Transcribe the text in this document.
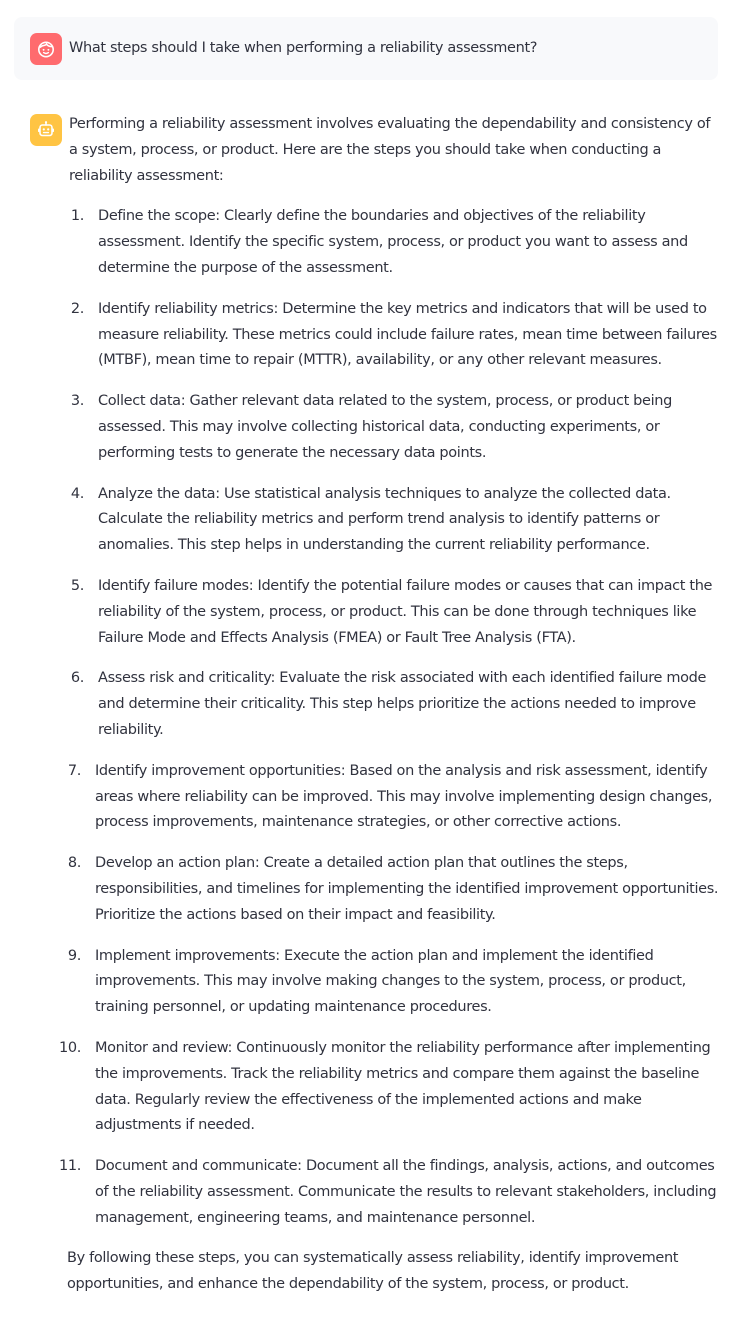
What steps should I take when performing a reliability assessment?

Performing a reliability assessment involves evaluating the dependability and consistency of a system, process, or product. Here are the steps you should take when conducting a reliability assessment:

1. Define the scope: Clearly define the boundaries and objectives of the reliability assessment. Identify the specific system, process, or product you want to assess and determine the purpose of the assessment.
2. Identify reliability metrics: Determine the key metrics and indicators that will be used to measure reliability. These metrics could include failure rates, mean time between failures (MTBF), mean time to repair (MTTR), availability, or any other relevant measures.
3. Collect data: Gather relevant data related to the system, process, or product being assessed. This may involve collecting historical data, conducting experiments, or performing tests to generate the necessary data points.
4. Analyze the data: Use statistical analysis techniques to analyze the collected data. Calculate the reliability metrics and perform trend analysis to identify patterns or anomalies. This step helps in understanding the current reliability performance.
5. Identify failure modes: Identify the potential failure modes or causes that can impact the reliability of the system, process, or product. This can be done through techniques like Failure Mode and Effects Analysis (FMEA) or Fault Tree Analysis (FTA).
6. Assess risk and criticality: Evaluate the risk associated with each identified failure mode and determine their criticality. This step helps prioritize the actions needed to improve reliability.
7. Identify improvement opportunities: Based on the analysis and risk assessment, identify areas where reliability can be improved. This may involve implementing design changes, process improvements, maintenance strategies, or other corrective actions.
8. Develop an action plan: Create a detailed action plan that outlines the steps, responsibilities, and timelines for implementing the identified improvement opportunities. Prioritize the actions based on their impact and feasibility.
9. Implement improvements: Execute the action plan and implement the identified improvements. This may involve making changes to the system, process, or product, training personnel, or updating maintenance procedures.
10. Monitor and review: Continuously monitor the reliability performance after implementing the improvements. Track the reliability metrics and compare them against the baseline data. Regularly review the effectiveness of the implemented actions and make adjustments if needed.
11. Document and communicate: Document all the findings, analysis, actions, and outcomes of the reliability assessment. Communicate the results to relevant stakeholders, including management, engineering teams, and maintenance personnel.

By following these steps, you can systematically assess reliability, identify improvement opportunities, and enhance the dependability of the system, process, or product.
